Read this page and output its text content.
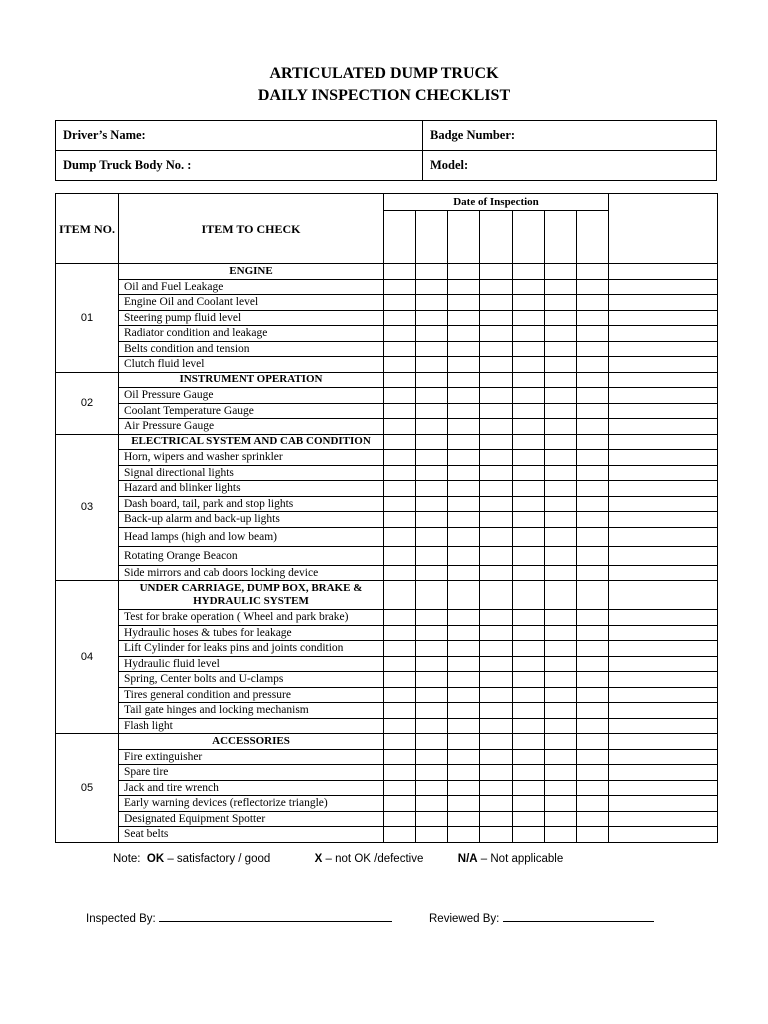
ARTICULATED DUMP TRUCK
DAILY INSPECTION CHECKLIST
Driver’s Name:	Badge Number:
Dump Truck Body No. :	Model:
ITEM NO.	ITEM TO CHECK	Date of Inspection							

01	ENGINE								
	Oil and Fuel Leakage								
	Engine Oil and Coolant level								
	Steering pump fluid level								
	Radiator condition and leakage								
	Belts condition and tension								
	Clutch fluid level								
02	INSTRUMENT OPERATION								
	Oil Pressure Gauge								
	Coolant Temperature Gauge								
	Air Pressure Gauge								
03	ELECTRICAL SYSTEM AND CAB CONDITION								
	Horn, wipers and washer sprinkler								
	Signal directional lights								
	Hazard and blinker lights								
	Dash board, tail, park and stop lights								
	Back-up alarm and back-up lights								
	Head lamps (high and low beam)								
	Rotating Orange Beacon								
	Side mirrors and cab doors locking device								
04	UNDER CARRIAGE, DUMP BOX, BRAKE & HYDRAULIC SYSTEM								
	Test for brake operation ( Wheel and park brake)								
	Hydraulic hoses & tubes for leakage								
	Lift Cylinder for leaks pins and joints condition								
	Hydraulic fluid level								
	Spring, Center bolts and U-clamps								
	Tires general condition and pressure								
	Tail gate hinges and locking mechanism								
	Flash light								
05	ACCESSORIES								
	Fire extinguisher								
	Spare tire								
	Jack and tire wrench								
	Early warning devices (reflectorize triangle)								
	Designated Equipment Spotter								
	Seat belts								
Note: OK – satisfactory / good	X – not OK /defective	N/A – Not applicable
Inspected By:	Reviewed By:
